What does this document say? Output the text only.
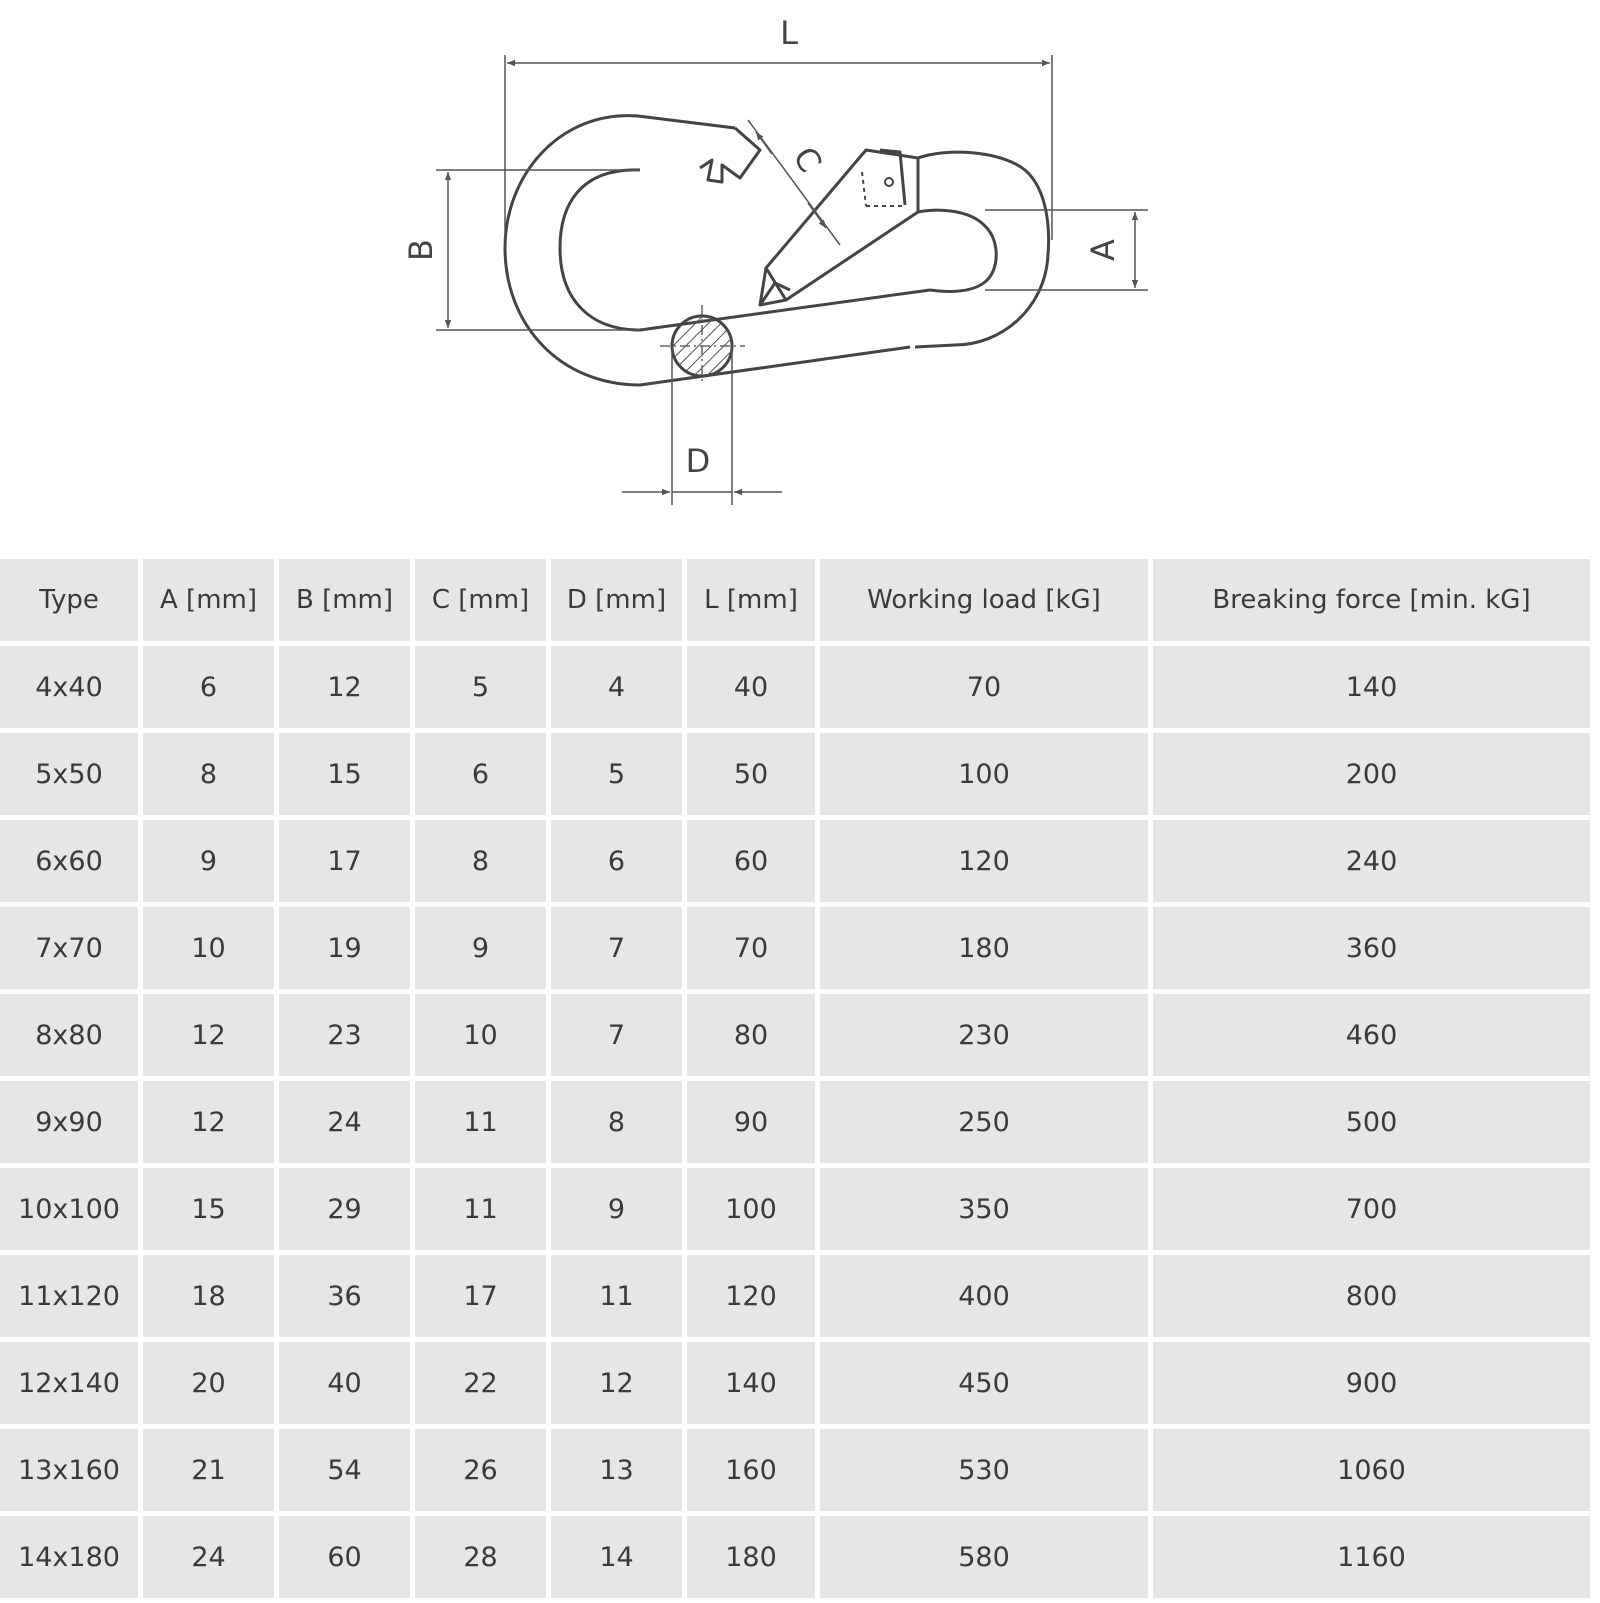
L
B
C
A
D
Type	A [mm]	B [mm]	C [mm]	D [mm]	L [mm]	Working load [kG]	Breaking force [min. kG]
4x40	6	12	5	4	40	70	140
5x50	8	15	6	5	50	100	200
6x60	9	17	8	6	60	120	240
7x70	10	19	9	7	70	180	360
8x80	12	23	10	7	80	230	460
9x90	12	24	11	8	90	250	500
10x100	15	29	11	9	100	350	700
11x120	18	36	17	11	120	400	800
12x140	20	40	22	12	140	450	900
13x160	21	54	26	13	160	530	1060
14x180	24	60	28	14	180	580	1160
